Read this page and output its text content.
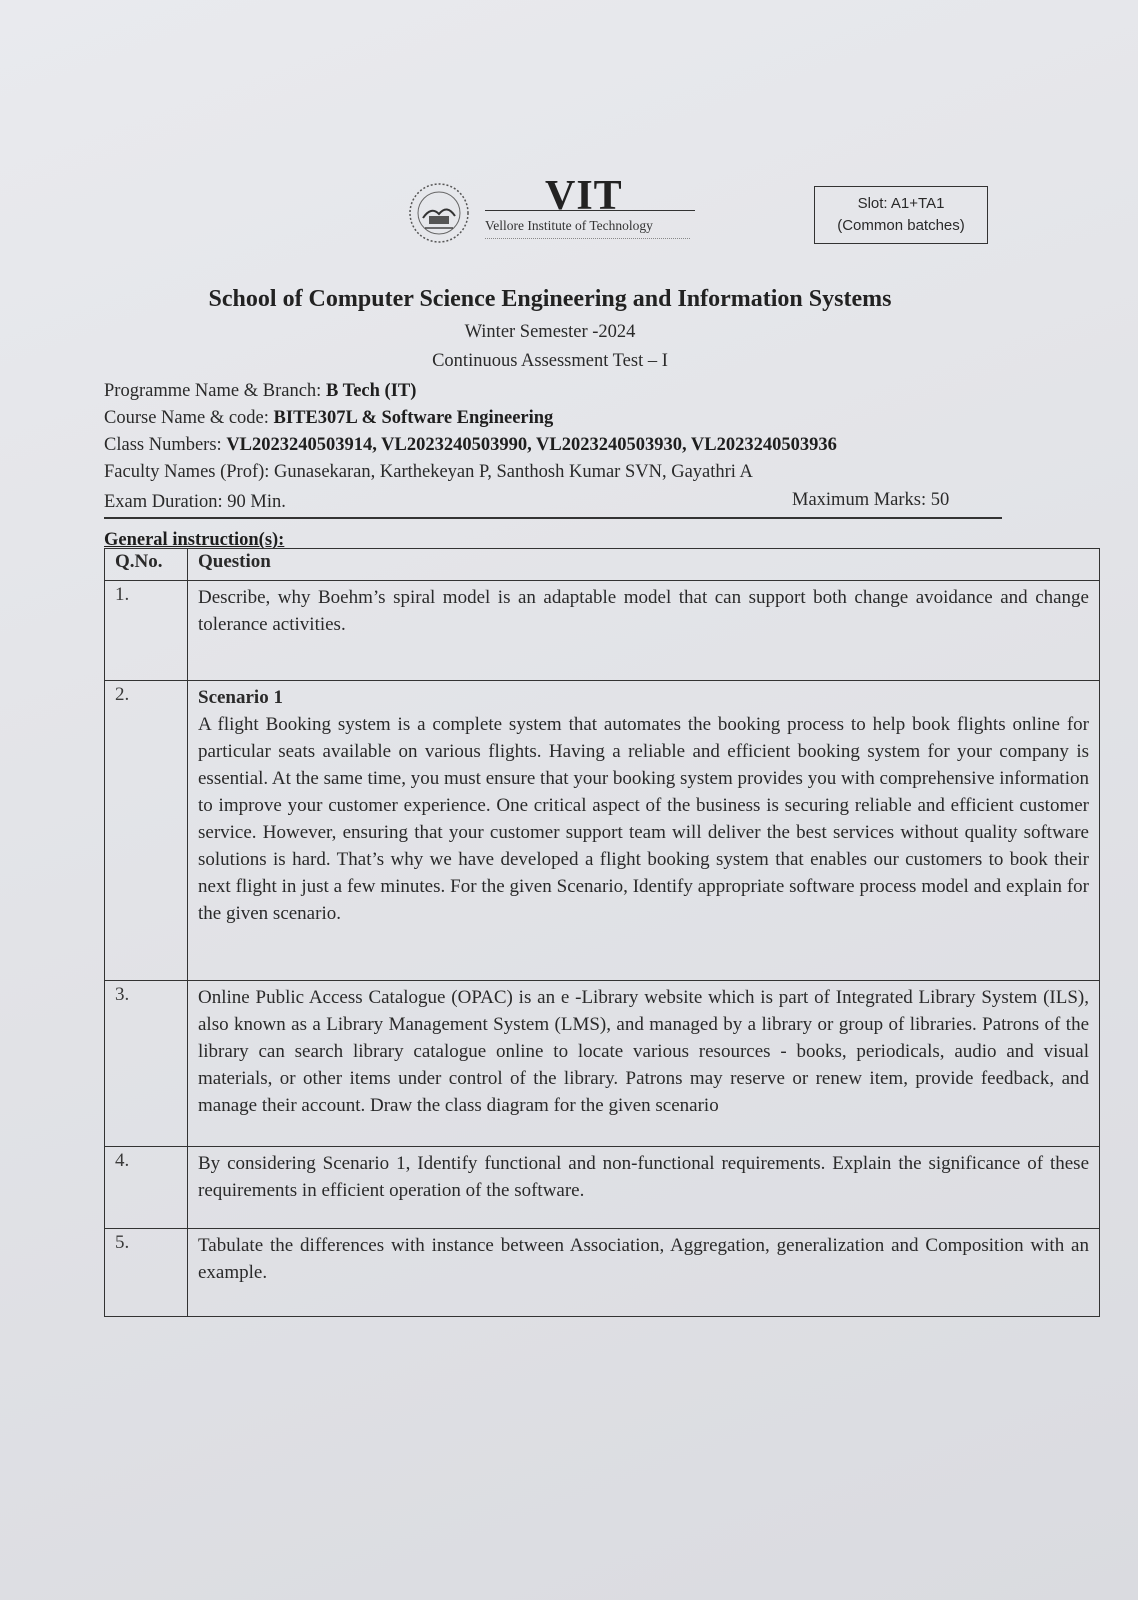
VIT
Vellore Institute of Technology
Slot: A1+TA1
(Common batches)
School of Computer Science Engineering and Information Systems
Winter Semester -2024
Continuous Assessment Test – I
Programme Name & Branch: B Tech (IT)
Course Name & code: BITE307L & Software Engineering
Class Numbers: VL2023240503914, VL2023240503990, VL2023240503930, VL2023240503936
Faculty Names (Prof): Gunasekaran, Karthekeyan P, Santhosh Kumar SVN, Gayathri A
Exam Duration: 90 Min.	Maximum Marks: 50
General instruction(s):
Q.No.	Question
1.	Describe, why Boehm’s spiral model is an adaptable model that can support both change avoidance and change tolerance activities.
2.	Scenario 1
A flight Booking system is a complete system that automates the booking process to help book flights online for particular seats available on various flights. Having a reliable and efficient booking system for your company is essential. At the same time, you must ensure that your booking system provides you with comprehensive information to improve your customer experience. One critical aspect of the business is securing reliable and efficient customer service. However, ensuring that your customer support team will deliver the best services without quality software solutions is hard. That’s why we have developed a flight booking system that enables our customers to book their next flight in just a few minutes. For the given Scenario, Identify appropriate software process model and explain for the given scenario.

3.	Online Public Access Catalogue (OPAC) is an e -Library website which is part of Integrated Library System (ILS), also known as a Library Management System (LMS), and managed by a library or group of libraries. Patrons of the library can search library catalogue online to locate various resources - books, periodicals, audio and visual materials, or other items under control of the library. Patrons may reserve or renew item, provide feedback, and manage their account. Draw the class diagram for the given scenario
4.	By considering Scenario 1, Identify functional and non-functional requirements. Explain the significance of these requirements in efficient operation of the software.
5.	Tabulate the differences with instance between Association, Aggregation, generalization and Composition with an example.
